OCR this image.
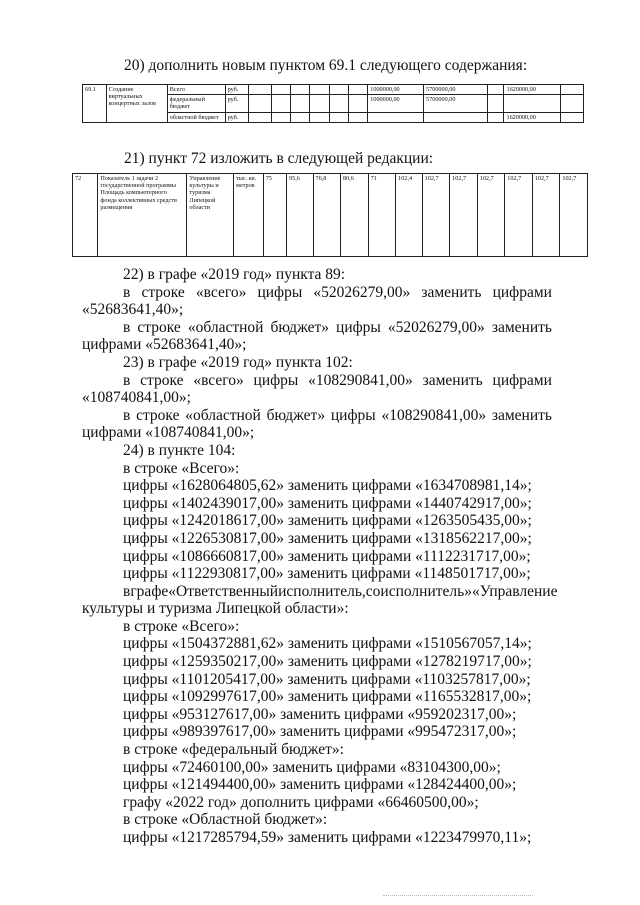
20) дополнить новым пунктом 69.1 следующего содержания:
69.1	Создание виртуальных концертных залов	Всего	руб.							1000000,00	5700000,00		1620000,00	
		федеральный бюджет	руб.							1000000,00	5700000,00			
		областной бюджет	руб.										1620000,00	
21) пункт 72 изложить в следующей редакции:
72	Показатель 1 задачи 2 государственной программы Площадь компьютерного фонда коллективных средств размещения	Управление культуры и туризма Липецкой области	тыс. кв. метров	75	95,6	76,8	80,6	71	102,4	102,7	102,7	102,7	102,7	102,7	102,7

22) в графе «2019 год» пункта 89:

в строке «всего» цифры «52026279,00» заменить цифрами

«52683641,40»;

в строке «областной бюджет» цифры «52026279,00» заменить

цифрами «52683641,40»;

23) в графе «2019 год» пункта 102:

в строке «всего» цифры «108290841,00» заменить цифрами

«108740841,00»;

в строке «областной бюджет» цифры «108290841,00» заменить

цифрами «108740841,00»;

24) в пункте 104:

в строке «Всего»:

цифры «1628064805,62» заменить цифрами «1634708981,14»;

цифры «1402439017,00» заменить цифрами «1440742917,00»;

цифры «1242018617,00» заменить цифрами «1263505435,00»;

цифры «1226530817,00» заменить цифрами «1318562217,00»;

цифры «1086660817,00» заменить цифрами «1112231717,00»;

цифры «1122930817,00» заменить цифрами «1148501717,00»;

в графе «Ответственный исполнитель, соисполнитель» «Управление

культуры и туризма Липецкой области»:

в строке «Всего»:

цифры «1504372881,62» заменить цифрами «1510567057,14»;

цифры «1259350217,00» заменить цифрами «1278219717,00»;

цифры «1101205417,00» заменить цифрами «1103257817,00»;

цифры «1092997617,00» заменить цифрами «1165532817,00»;

цифры «953127617,00» заменить цифрами «959202317,00»;

цифры «989397617,00» заменить цифрами «995472317,00»;

в строке «федеральный бюджет»:

цифры «72460100,00» заменить цифрами «83104300,00»;

цифры «121494400,00» заменить цифрами «128424400,00»;

графу «2022 год» дополнить цифрами «66460500,00»;

в строке «Областной бюджет»:

цифры «1217285794,59» заменить цифрами «1223479970,11»;
